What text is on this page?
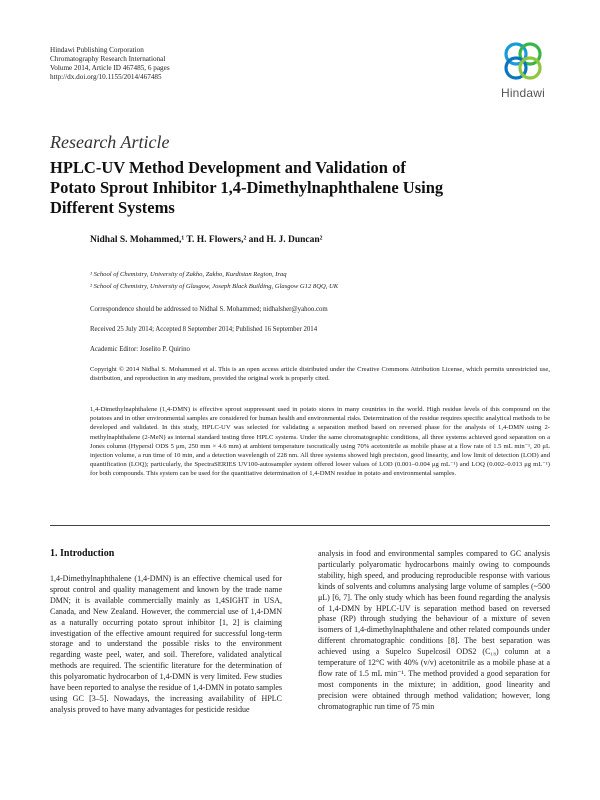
Hindawi Publishing Corporation
Chromatography Research International
Volume 2014, Article ID 467485, 6 pages
http://dx.doi.org/10.1155/2014/467485
Hindawi
Research Article
HPLC-UV Method Development and Validation of
Potato Sprout Inhibitor 1,4-Dimethylnaphthalene Using
Different Systems
Nidhal S. Mohammed,¹ T. H. Flowers,² and H. J. Duncan²
¹ School of Chemistry, University of Zakho, Zakho, Kurdistan Region, Iraq
² School of Chemistry, University of Glasgow, Joseph Black Building, Glasgow G12 8QQ, UK
Correspondence should be addressed to Nidhal S. Mohammed; nidhalsher@yahoo.com
Received 25 July 2014; Accepted 8 September 2014; Published 16 September 2014
Academic Editor: Joselito P. Quirino
Copyright © 2014 Nidhal S. Mohammed et al. This is an open access article distributed under the Creative Commons Attribution License, which permits unrestricted use, distribution, and reproduction in any medium, provided the original work is properly cited.
1,4-Dimethylnaphthalene (1,4-DMN) is effective sprout suppressant used in potato stores in many countries in the world. High residue levels of this compound on the potatoes and in other environmental samples are considered for human health and environmental risks. Determination of the residue requires specific analytical methods to be developed and validated. In this study, HPLC-UV was selected for validating a separation method based on reversed phase for the analysis of 1,4-DMN using 2-methylnaphthalene (2-MeN) as internal standard testing three HPLC systems. Under the same chromatographic conditions, all three systems achieved good separation on a Jones column (Hypersil ODS 5 μm, 250 mm × 4.6 mm) at ambient temperature isocratically using 70% acetonitrile as mobile phase at a flow rate of 1.5 mL min⁻¹, 20 μL injection volume, a run time of 10 min, and a detection wavelength of 228 nm. All three systems showed high precision, good linearity, and low limit of detection (LOD) and quantification (LOQ); particularly, the SpectraSERIES UV100-autosampler system offered lower values of LOD (0.001–0.004 μg mL⁻¹) and LOQ (0.002–0.013 μg mL⁻¹) for both compounds. This system can be used for the quantitative determination of 1,4-DMN residue in potato and environmental samples.
1. Introduction

1,4-Dimethylnaphthalene (1,4-DMN) is an effective chemical used for sprout control and quality management and known by the trade name DMN; it is available commercially mainly as 1,4SIGHT in USA, Canada, and New Zealand. However, the commercial use of 1,4-DMN as a naturally occurring potato sprout inhibitor [1, 2] is claiming investigation of the effective amount required for successful long-term storage and to understand the possible risks to the environment regarding waste peel, water, and soil. Therefore, validated analytical methods are required. The scientific literature for the determination of this polyaromatic hydrocarbon of 1,4-DMN is very limited. Few studies have been reported to analyse the residue of 1,4-DMN in potato samples using GC [3–5]. Nowadays, the increasing availability of HPLC analysis proved to have many advantages for pesticide residue

analysis in food and environmental samples compared to GC analysis particularly polyaromatic hydrocarbons mainly owing to compounds stability, high speed, and producing reproducible response with various kinds of solvents and columns analysing large volume of samples (~500 μL) [6, 7]. The only study which has been found regarding the analysis of 1,4-DMN by HPLC-UV is separation method based on reversed phase (RP) through studying the behaviour of a mixture of seven isomers of 1,4-dimethylnaphthalene and other related compounds under different chromatographic conditions [8]. The best separation was achieved using a Supelco Supelcosil ODS2 (C₁₈) column at a temperature of 12°C with 40% (v/v) acetonitrile as a mobile phase at a flow rate of 1.5 mL min⁻¹. The method provided a good separation for most components in the mixture; in addition, good linearity and precision were obtained through method validation; however, long chromatographic run time of 75 min
